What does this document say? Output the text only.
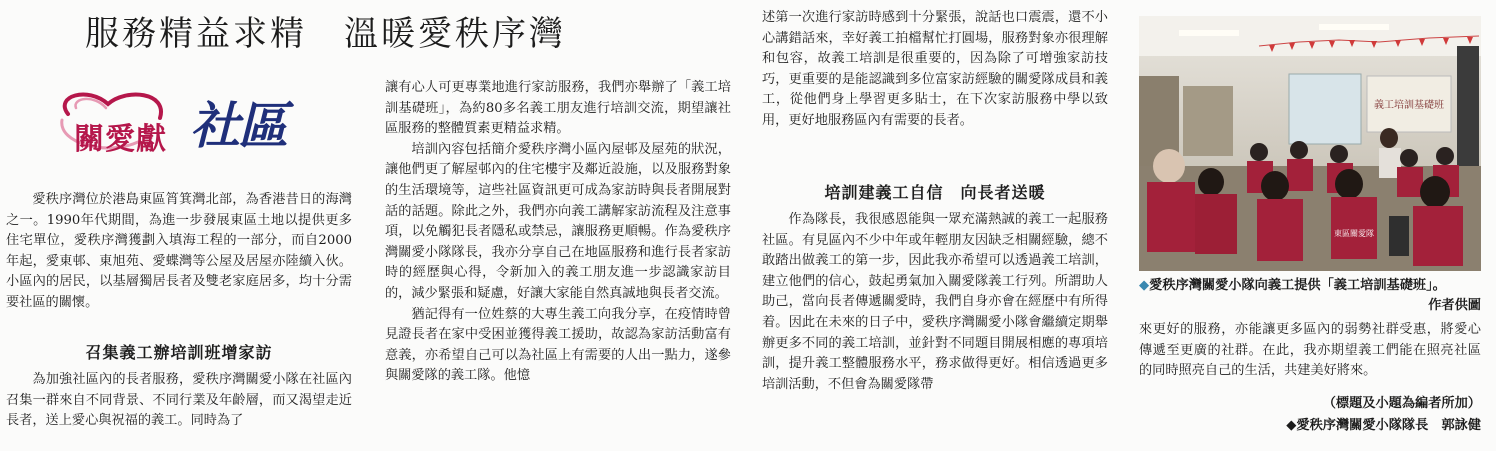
服務精益求精　溫暖愛秩序灣
關愛獻 社區

愛秩序灣位於港島東區筲箕灣北部，為香港昔日的海灣之一。1990年代期間，為進一步發展東區土地以提供更多住宅單位，愛秩序灣獲劃入填海工程的一部分，而自2000年起，愛東邨、東旭苑、愛蝶灣等公屋及居屋亦陸續入伙。小區內的居民，以基層獨居長者及雙老家庭居多，均十分需要社區的關懷。

召集義工辦培訓班增家訪

為加強社區內的長者服務，愛秩序灣關愛小隊在社區內召集一群來自不同背景、不同行業及年齡層，而又渴望走近長者，送上愛心與祝福的義工。同時為了

讓有心人可更專業地進行家訪服務，我們亦舉辦了「義工培訓基礎班」，為約80多名義工朋友進行培訓交流，期望讓社區服務的整體質素更精益求精。

培訓內容包括簡介愛秩序灣小區內屋邨及屋苑的狀況，讓他們更了解屋邨內的住宅樓宇及鄰近設施，以及服務對象的生活環境等，這些社區資訊更可成為家訪時與長者開展對話的話題。除此之外，我們亦向義工講解家訪流程及注意事項，以免觸犯長者隱私或禁忌，讓服務更順暢。作為愛秩序灣關愛小隊隊長，我亦分享自己在地區服務和進行長者家訪時的經歷與心得，令新加入的義工朋友進一步認識家訪目的，減少緊張和疑慮，好讓大家能自然真誠地與長者交流。

猶記得有一位姓蔡的大專生義工向我分享，在疫情時曾見證長者在家中受困並獲得義工援助，故認為家訪活動富有意義，亦希望自己可以為社區上有需要的人出一點力，遂參與關愛隊的義工隊。他憶

述第一次進行家訪時感到十分緊張，說話也口震震，還不小心講錯話來，幸好義工拍檔幫忙打圓場，服務對象亦很理解和包容，故義工培訓是很重要的，因為除了可增強家訪技巧，更重要的是能認識到多位富家訪經驗的關愛隊成員和義工，從他們身上學習更多貼士，在下次家訪服務中學以致用，更好地服務區內有需要的長者。

培訓建義工自信　向長者送暖

作為隊長，我很感恩能與一眾充滿熱誠的義工一起服務社區。有見區內不少中年或年輕朋友因缺乏相關經驗，總不敢踏出做義工的第一步，因此我亦希望可以透過義工培訓，建立他們的信心，鼓起勇氣加入關愛隊義工行列。所謂助人助己，當向長者傳遞關愛時，我們自身亦會在經歷中有所得着。因此在未來的日子中，愛秩序灣關愛小隊會繼續定期舉辦更多不同的義工培訓，並針對不同題目開展相應的專項培訓，提升義工整體服務水平，務求做得更好。相信透過更多培訓活動，不但會為關愛隊帶

義工培訓基礎班
東區關愛隊
◆愛秩序灣關愛小隊向義工提供「義工培訓基礎班」。
作者供圖

來更好的服務，亦能讓更多區內的弱勢社群受惠，將愛心傳遞至更廣的社群。在此，我亦期望義工們能在照亮社區的同時照亮自己的生活，共建美好將來。

（標題及小題為編者所加）
◆愛秩序灣關愛小隊隊長　郭詠健
